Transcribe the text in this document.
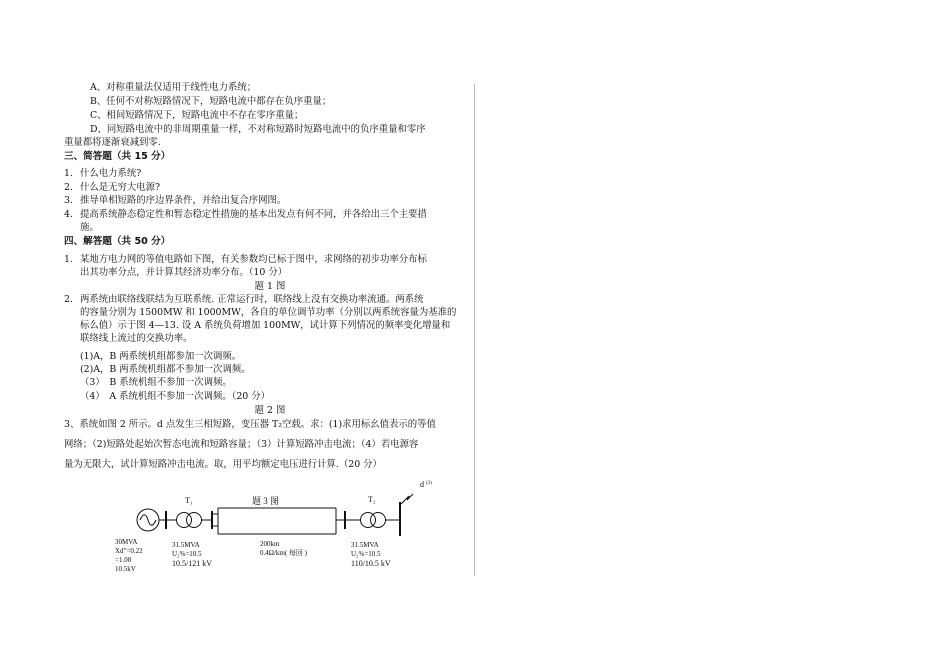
A、对称重量法仅适用于线性电力系统；
B、任何不对称短路情况下，短路电流中都存在负序重量；
C、相间短路情况下，短路电流中不存在零序重量；
D、同短路电流中的非周期重量一样，不对称短路时短路电流中的负序重量和零序
重量都将逐渐衰减到零.
三、简答题（共 15 分）
1. 什么电力系统?
2. 什么是无穷大电源?
3. 推导单相短路的序边界条件，并给出复合序网图。
4. 提高系统静态稳定性和暂态稳定性措施的基本出发点有何不同，并各给出三个主要措
施。
四、解答题（共 50 分）
1. 某地方电力网的等值电路如下图，有关参数均已标于图中，求网络的初步功率分布标
出其功率分点，并计算其经济功率分布。（10 分）
题 1 图
2. 两系统由联络线联结为互联系统. 正常运行时，联络线上没有交换功率流通。两系统
的容量分别为 1500MW 和 1000MW，各自的单位调节功率（分别以两系统容量为基准的
标么值）示于图 4—13. 设 A 系统负荷增加 100MW，试计算下列情况的频率变化增量和
联络线上流过的交换功率。
(1)A，B 两系统机组都参加一次调频。
(2)A，B 两系统机组都不参加一次调频。
（3）　B 系统机组不参加一次调频。
（4）　A 系统机组不参加一次调频。（20 分）
题 2 图
3、系统如图 2 所示。d 点发生三相短路，变压器 T₂空载。求：(1)求用标幺值表示的等值
网络；（2)短路处起始次暂态电流和短路容量；（3）计算短路冲击电流；（4）若电源容
量为无限大，试计算短路冲击电流。取，用平均额定电压进行计算.（20 分）
d (3)
T₁	题 3 图	T₂
30MVA
Xd"=0.22
=1.08
10.5kV
31.5MVA
U₂%=10.5
10.5/121 kV
200km
0.4Ω/km( 每回 )
31.5MVA
U₂%=10.5
110/10.5 kV
